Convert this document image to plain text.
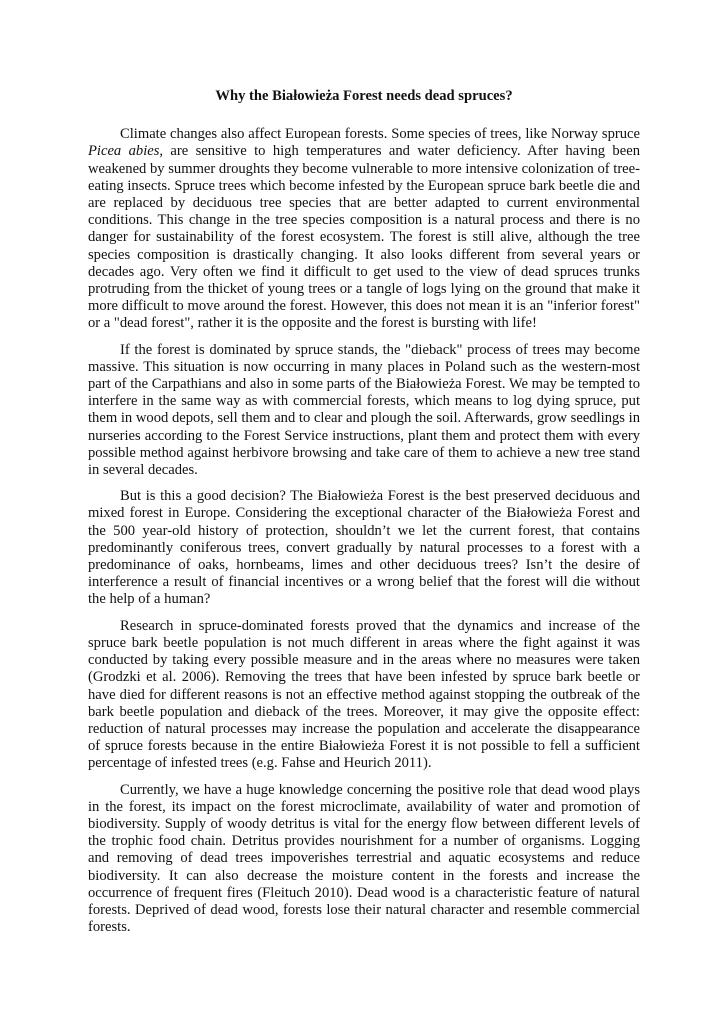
Why the Białowieża Forest needs dead spruces?

Climate changes also affect European forests. Some species of trees, like Norway spruce Picea abies, are sensitive to high temperatures and water deficiency. After having been weakened by summer droughts they become vulnerable to more intensive colonization of tree-eating insects. Spruce trees which become infested by the European spruce bark beetle die and are replaced by deciduous tree species that are better adapted to current environmental conditions. This change in the tree species composition is a natural process and there is no danger for sustainability of the forest ecosystem. The forest is still alive, although the tree species composition is drastically changing. It also looks different from several years or decades ago. Very often we find it difficult to get used to the view of dead spruces trunks protruding from the thicket of young trees or a tangle of logs lying on the ground that make it more difficult to move around the forest. However, this does not mean it is an "inferior forest" or a "dead forest", rather it is the opposite and the forest is bursting with life!

If the forest is dominated by spruce stands, the "dieback" process of trees may become massive. This situation is now occurring in many places in Poland such as the western-most part of the Carpathians and also in some parts of the Białowieża Forest. We may be tempted to interfere in the same way as with commercial forests, which means to log dying spruce, put them in wood depots, sell them and to clear and plough the soil. Afterwards, grow seedlings in nurseries according to the Forest Service instructions, plant them and protect them with every possible method against herbivore browsing and take care of them to achieve a new tree stand in several decades.

But is this a good decision? The Białowieża Forest is the best preserved deciduous and mixed forest in Europe. Considering the exceptional character of the Białowieża Forest and the 500 year-old history of protection, shouldn’t we let the current forest, that contains predominantly coniferous trees, convert gradually by natural processes to a forest with a predominance of oaks, hornbeams, limes and other deciduous trees? Isn’t the desire of interference a result of financial incentives or a wrong belief that the forest will die without the help of a human?

Research in spruce-dominated forests proved that the dynamics and increase of the spruce bark beetle population is not much different in areas where the fight against it was conducted by taking every possible measure and in the areas where no measures were taken (Grodzki et al. 2006). Removing the trees that have been infested by spruce bark beetle or have died for different reasons is not an effective method against stopping the outbreak of the bark beetle population and dieback of the trees. Moreover, it may give the opposite effect: reduction of natural processes may increase the population and accelerate the disappearance of spruce forests because in the entire Białowieża Forest it is not possible to fell a sufficient percentage of infested trees (e.g. Fahse and Heurich 2011).

Currently, we have a huge knowledge concerning the positive role that dead wood plays in the forest, its impact on the forest microclimate, availability of water and promotion of biodiversity. Supply of woody detritus is vital for the energy flow between different levels of the trophic food chain. Detritus provides nourishment for a number of organisms. Logging and removing of dead trees impoverishes terrestrial and aquatic ecosystems and reduce biodiversity. It can also decrease the moisture content in the forests and increase the occurrence of frequent fires (Fleituch 2010). Dead wood is a characteristic feature of natural forests. Deprived of dead wood, forests lose their natural character and resemble commercial forests.
